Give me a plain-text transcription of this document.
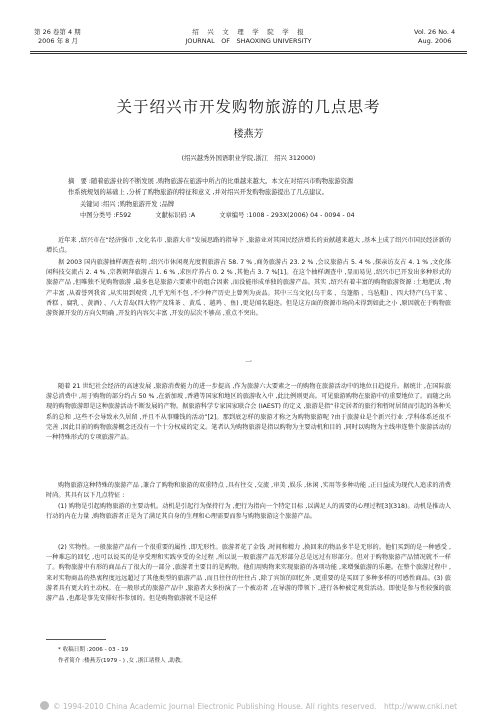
第 26 卷第 4 期
2006 年 8 月
绍　兴　文　理　学　院　学　报
JOURNAL　OF　SHAOXING UNIVERSITY
Vol. 26 No. 4
Aug. 2006
关于绍兴市开发购物旅游的几点思考
楼燕芳
(绍兴越秀外国语职业学院,浙江　绍兴 312000)
摘　要 :随着旅游业的不断发展 ,购物旅游在旅游中所占的比重越来越大。本文在对绍兴市购物旅游资源
作系统规划的基础上 ,分析了购物旅游的特征和意义 ,并对绍兴开发购物旅游提出了几点建议。
关键词 :绍兴 ;购物旅游开发 ;品牌
中图分类号 :F592	文献标识码 :A	文章编号 :1008 - 293X(2006) 04 - 0094 - 04
近年来 ,绍兴市在“经济强市 ,文化名市 ,旅游大市”发展思路的指导下 ,旅游业对其国民经济增长的贡献越来越大 ,基本上成了绍兴市国民经济新的增长点。
据 2003 国内旅游抽样调查表明 ,绍兴市休闲观光度假旅游占 58. 7 % ,商务旅游占 23. 2 % ,会议旅游占 5. 4 % ,探亲访友占 4. 1 % ,文化体闲科技交流占 2. 4 % ,宗教朝拜旅游占 1. 6 % ,求医疗养占 0. 2 % ,其他占 3. 7 %[1]。在这个抽样调查中 ,显而易见 ,绍兴市已开发出多种形式的旅游产品 ,但唯独不见购物旅游 ,最多也是旅游六要素中的组合因素 ,而没能形成单独的旅游产品。其实 ,绍兴有着丰富的购物旅游资源 :土地肥沃 ,物产丰富 ,从着誉列我省 ,从实用到观赏 ,几乎无所不包 ,不少种产历史上曾列为贡品。其中三乌文化(乌干菜 、乌篷船 、乌毡帽) 、四大特产(乌干菜 、香糕 、腐乳 、黄酒) 、八大青岛(四大特产及珠茶 、黄瓜 、越鸡 、鱼) ,更是闻名遐迩。但是这方面的资源市场尚未得到如此之小 ,原因就在于购物旅游资源开发的方向欠明确 ,开发的内容欠丰富 ,开发的层次不够高 ,重点不突出。
一
随着 21 世纪社会经济的高速发展 ,旅游消费能力的进一步提高 ,作为旅游六大要素之一的购物在旅游活动中的地位日趋提升。据统计 ,在国际旅游总消费中 ,用于购物的部分约占 50 % ,在新加坡 ,香港等国家和地区的旅游收入中 ,此比例则更高。可见旅游购物在旅游中的重要地位了。而随之出现的购物旅游即是这种旅游活动不断发展的产物。据旅游科学专家国家联合会 (IAEST) 的定义 ,旅游是指“非定居者的旅行和暂时居留而引起的各种关系的总和 ,这些不会导致永久居留 ,并且不从事赚钱的活动”[2]。那到底怎样的旅游才称之为购物旅游呢 ?由于旅游业是个新兴行业 ,学科体系还很不完善 ,因此目前的购物旅游概念还没有一个十分权威的定义。笔者认为购物旅游是指以购物为主要动机和目的 ,同时以购物为主线串连整个旅游活动的一种特殊形式的专项旅游产品。
购物旅游这种特殊的旅游产品 ,兼合了购物和旅游的双重特点 ,具有往交 ,交流 ,审美 ,娱乐 ,休闲 ,实用等多种功能 ,正日益成为现代人追求的消费时尚。其具有以下几点特征 :
(1) 购物是引起购物旅游的主要动机。动机是引起行为保持行为 ,把行为指向一个特定目标 ,以满足人的需要的心理过程[3](318)。动机是推动人行动的内在力量 ,购物旅游者正是为了满足其自身的生理和心理需要而参与购物旅游这个旅游产品。
(2) 实物性。一般旅游产品有一个很重要的属性 ,即无形性。旅游者花了金钱 ,时间和精力 ,换回来的物品多半是无形的。他们买到的是一种感受 ,一种难忘的回忆 ,也可以说买的是享受理和实践享受的全过程 ,所以说一般旅游产品无形部分总是远过有形部分。但对于购物旅游产品情况就不一样了。购物旅游中有形的商品占了很大的一部分 ,旅游者主要目的是购物。他们用购物来实现旅游的各项功能 ,来增强旅游的乐趣。在整个旅游过程中 ,来对实物商品的热衷程度远远超过了其他类型的旅游产品 ,而且往往的往往占 ,除了宾馆的回忆外 ,更重要的是买回了多种多样的可感性商品。(3) 旅游者具有更大的主动权。在一般形式的旅游产品中 ,旅游者大多扮演了一个被动者 ,在导游的带领下 ,进行各种被定观赏活动。即使是参与性较强的旅游产品 ,也都是事先安排好作参加的。但是购物旅游就不是这样
* 收稿日期 :2006 - 03 - 19
作者简介 :楼燕芳(1979 - ) ,女 ,浙江诸暨人 ,助教。
© 1994-2010 China Academic Journal Electronic Publishing House. All rights reserved.　http://www.cnki.net
